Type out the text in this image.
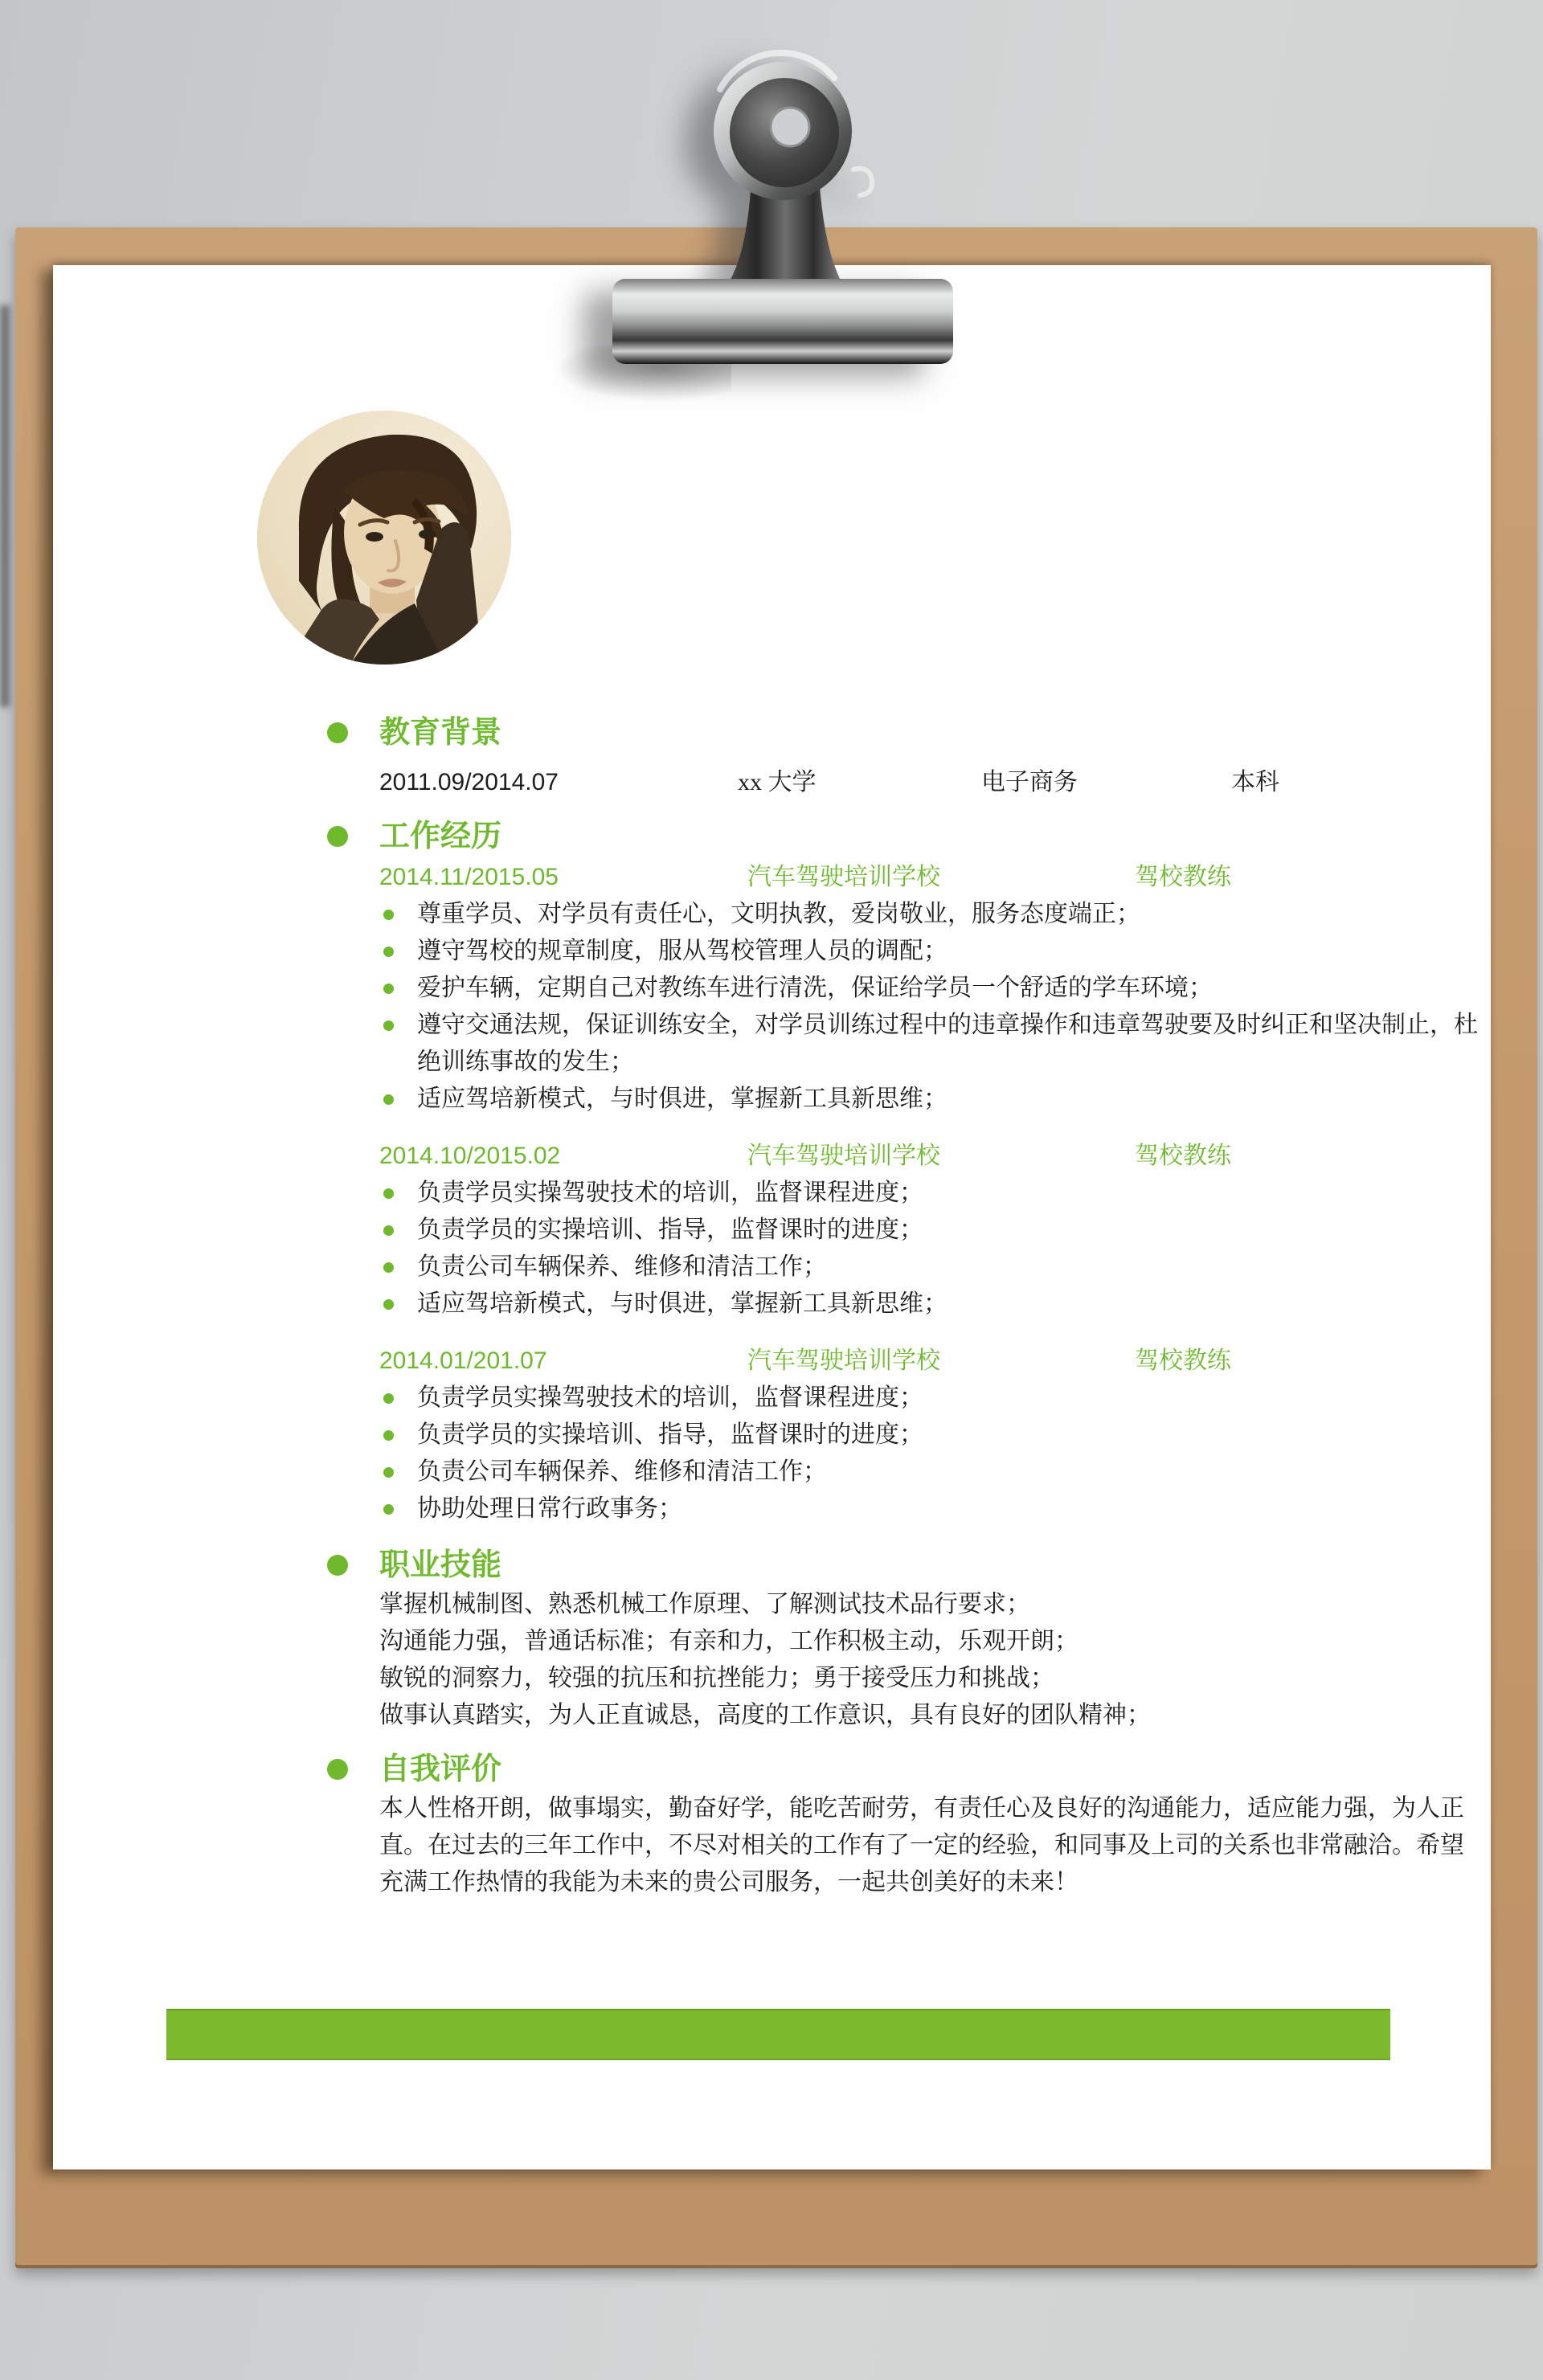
教育背景
2011.09/2014.07	xx 大学	电子商务	本科
工作经历
2014.11/2015.05	汽车驾驶培训学校	驾校教练
尊重学员、对学员有责任心，文明执教，爱岗敬业，服务态度端正；
遵守驾校的规章制度，服从驾校管理人员的调配；
爱护车辆，定期自己对教练车进行清洗，保证给学员一个舒适的学车环境；
遵守交通法规，保证训练安全，对学员训练过程中的违章操作和违章驾驶要及时纠正和坚决制止，杜绝训练事故的发生；
适应驾培新模式，与时俱进，掌握新工具新思维；
2014.10/2015.02	汽车驾驶培训学校	驾校教练
负责学员实操驾驶技术的培训，监督课程进度；
负责学员的实操培训、指导，监督课时的进度；
负责公司车辆保养、维修和清洁工作；
适应驾培新模式，与时俱进，掌握新工具新思维；
2014.01/201.07	汽车驾驶培训学校	驾校教练
负责学员实操驾驶技术的培训，监督课程进度；
负责学员的实操培训、指导，监督课时的进度；
负责公司车辆保养、维修和清洁工作；
协助处理日常行政事务；
职业技能
掌握机械制图、熟悉机械工作原理、了解测试技术品行要求；
沟通能力强，普通话标准；有亲和力，工作积极主动，乐观开朗；
敏锐的洞察力，较强的抗压和抗挫能力；勇于接受压力和挑战；
做事认真踏实，为人正直诚恳，高度的工作意识，具有良好的团队精神；
自我评价

本人性格开朗，做事塌实，勤奋好学，能吃苦耐劳，有责任心及良好的沟通能力，适应能力强，为人正直。在过去的三年工作中，不尽对相关的工作有了一定的经验，和同事及上司的关系也非常融洽。希望充满工作热情的我能为未来的贵公司服务，一起共创美好的未来！
